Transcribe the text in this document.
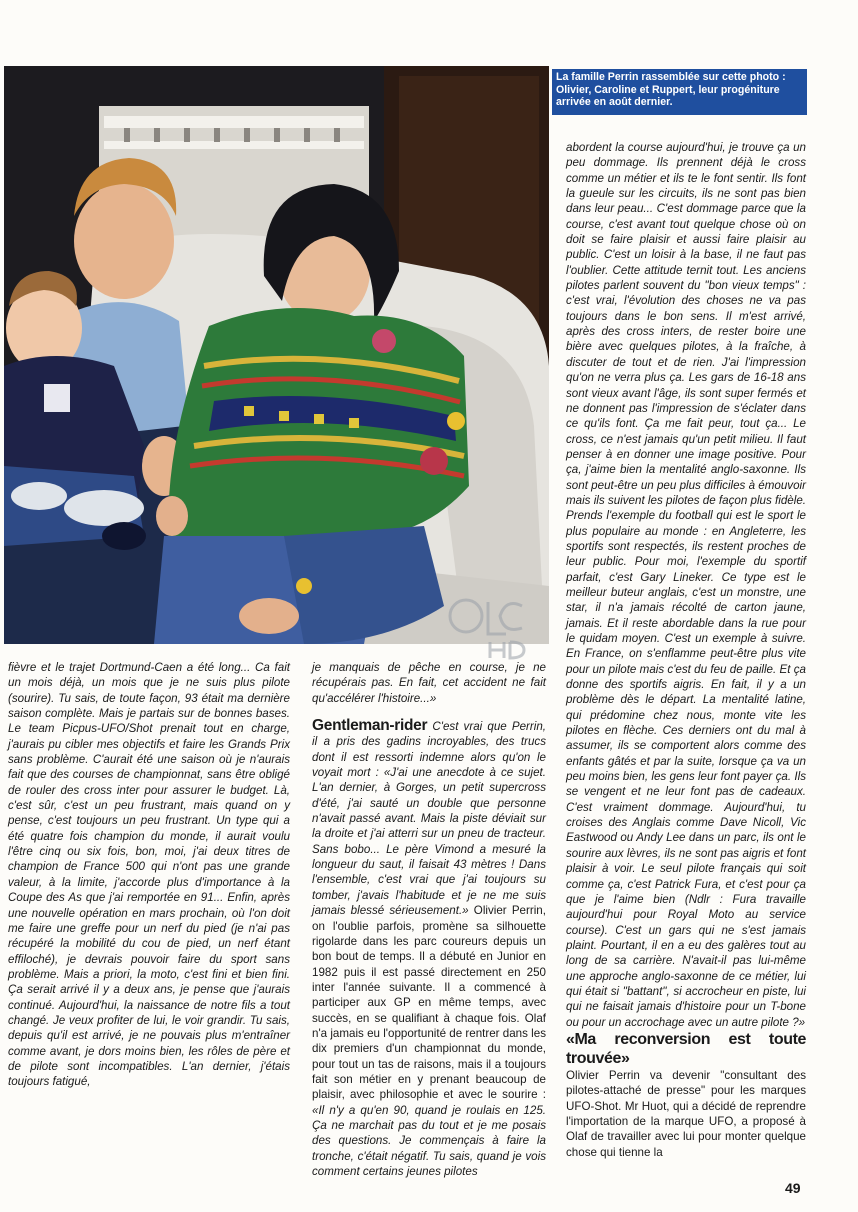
La famille Perrin rassemblée sur cette photo : Olivier, Caroline et Ruppert, leur progéniture arrivée en août dernier.

fièvre et le trajet Dortmund-Caen a été long... Ca fait un mois déjà, un mois que je ne suis plus pilote (sourire). Tu sais, de toute façon, 93 était ma dernière saison complète. Mais je partais sur de bonnes bases. Le team Picpus-UFO/Shot prenait tout en charge, j'aurais pu cibler mes objectifs et faire les Grands Prix sans problème. C'aurait été une saison où je n'aurais fait que des courses de championnat, sans être obligé de rouler des cross inter pour assurer le budget. Là, c'est sûr, c'est un peu frustrant, mais quand on y pense, c'est toujours un peu frustrant. Un type qui a été quatre fois champion du monde, il aurait voulu l'être cinq ou six fois, bon, moi, j'ai deux titres de champion de France 500 qui n'ont pas une grande valeur, à la limite, j'accorde plus d'importance à la Coupe des As que j'ai remportée en 91... Enfin, après une nouvelle opération en mars prochain, où l'on doit me faire une greffe pour un nerf du pied (je n'ai pas récupéré la mobilité du cou de pied, un nerf étant effiloché), je devrais pouvoir faire du sport sans problème. Mais a priori, la moto, c'est fini et bien fini. Ça serait arrivé il y a deux ans, je pense que j'aurais continué. Aujourd'hui, la naissance de notre fils a tout changé. Je veux profiter de lui, le voir grandir. Tu sais, depuis qu'il est arrivé, je ne pouvais plus m'entraîner comme avant, je dors moins bien, les rôles de père et de pilote sont incompatibles. L'an dernier, j'étais toujours fatigué,

je manquais de pêche en course, je ne récupérais pas. En fait, cet accident ne fait qu'accélérer l'histoire...»

Gentleman-rider C'est vrai que Perrin, il a pris des gadins incroyables, des trucs dont il est ressorti indemne alors qu'on le voyait mort : «J'ai une anecdote à ce sujet. L'an dernier, à Gorges, un petit supercross d'été, j'ai sauté un double que personne n'avait passé avant. Mais la piste déviait sur la droite et j'ai atterri sur un pneu de tracteur. Sans bobo... Le père Vimond a mesuré la longueur du saut, il faisait 43 mètres ! Dans l'ensemble, c'est vrai que j'ai toujours su tomber, j'avais l'habitude et je ne me suis jamais blessé sérieusement.» Olivier Perrin, on l'oublie parfois, promène sa silhouette rigolarde dans les parc coureurs depuis un bon bout de temps. Il a débuté en Junior en 1982 puis il est passé directement en 250 inter l'année suivante. Il a commencé à participer aux GP en même temps, avec succès, en se qualifiant à chaque fois. Olaf n'a jamais eu l'opportunité de rentrer dans les dix premiers d'un championnat du monde, pour tout un tas de raisons, mais il a toujours fait son métier en y prenant beaucoup de plaisir, avec philosophie et avec le sourire : «Il n'y a qu'en 90, quand je roulais en 125. Ça ne marchait pas du tout et je me posais des questions. Je commençais à faire la tronche, c'était négatif. Tu sais, quand je vois comment certains jeunes pilotes

abordent la course aujourd'hui, je trouve ça un peu dommage. Ils prennent déjà le cross comme un métier et ils te le font sentir. Ils font la gueule sur les circuits, ils ne sont pas bien dans leur peau... C'est dommage parce que la course, c'est avant tout quelque chose où on doit se faire plaisir et aussi faire plaisir au public. C'est un loisir à la base, il ne faut pas l'oublier. Cette attitude ternit tout. Les anciens pilotes parlent souvent du "bon vieux temps" : c'est vrai, l'évolution des choses ne va pas toujours dans le bon sens. Il m'est arrivé, après des cross inters, de rester boire une bière avec quelques pilotes, à la fraîche, à discuter de tout et de rien. J'ai l'impression qu'on ne verra plus ça. Les gars de 16-18 ans sont vieux avant l'âge, ils sont super fermés et ne donnent pas l'impression de s'éclater dans ce qu'ils font. Ça me fait peur, tout ça... Le cross, ce n'est jamais qu'un petit milieu. Il faut penser à en donner une image positive. Pour ça, j'aime bien la mentalité anglo-saxonne. Ils sont peut-être un peu plus difficiles à émouvoir mais ils suivent les pilotes de façon plus fidèle. Prends l'exemple du football qui est le sport le plus populaire au monde : en Angleterre, les sportifs sont respectés, ils restent proches de leur public. Pour moi, l'exemple du sportif parfait, c'est Gary Lineker. Ce type est le meilleur buteur anglais, c'est un monstre, une star, il n'a jamais récolté de carton jaune, jamais. Et il reste abordable dans la rue pour le quidam moyen. C'est un exemple à suivre. En France, on s'enflamme peut-être plus vite pour un pilote mais c'est du feu de paille. Et ça donne des sportifs aigris. En fait, il y a un problème dès le départ. La mentalité latine, qui prédomine chez nous, monte vite les pilotes en flèche. Ces derniers ont du mal à assumer, ils se comportent alors comme des enfants gâtés et par la suite, lorsque ça va un peu moins bien, les gens leur font payer ça. Ils se vengent et ne leur font pas de cadeaux. C'est vraiment dommage. Aujourd'hui, tu croises des Anglais comme Dave Nicoll, Vic Eastwood ou Andy Lee dans un parc, ils ont le sourire aux lèvres, ils ne sont pas aigris et font plaisir à voir. Le seul pilote français qui soit comme ça, c'est Patrick Fura, et c'est pour ça que je l'aime bien (Ndlr : Fura travaille aujourd'hui pour Royal Moto au service course). C'est un gars qui ne s'est jamais plaint. Pourtant, il en a eu des galères tout au long de sa carrière. N'avait-il pas lui-même une approche anglo-saxonne de ce métier, lui qui était si "battant", si accrocheur en piste, lui qui ne faisait jamais d'histoire pour un T-bone ou pour un accrochage avec un autre pilote ?»

«Ma reconversion est toute trouvée»

Olivier Perrin va devenir "consultant des pilotes-attaché de presse" pour les marques UFO-Shot. Mr Huot, qui a décidé de reprendre l'importation de la marque UFO, a proposé à Olaf de travailler avec lui pour monter quelque chose qui tienne la

49
